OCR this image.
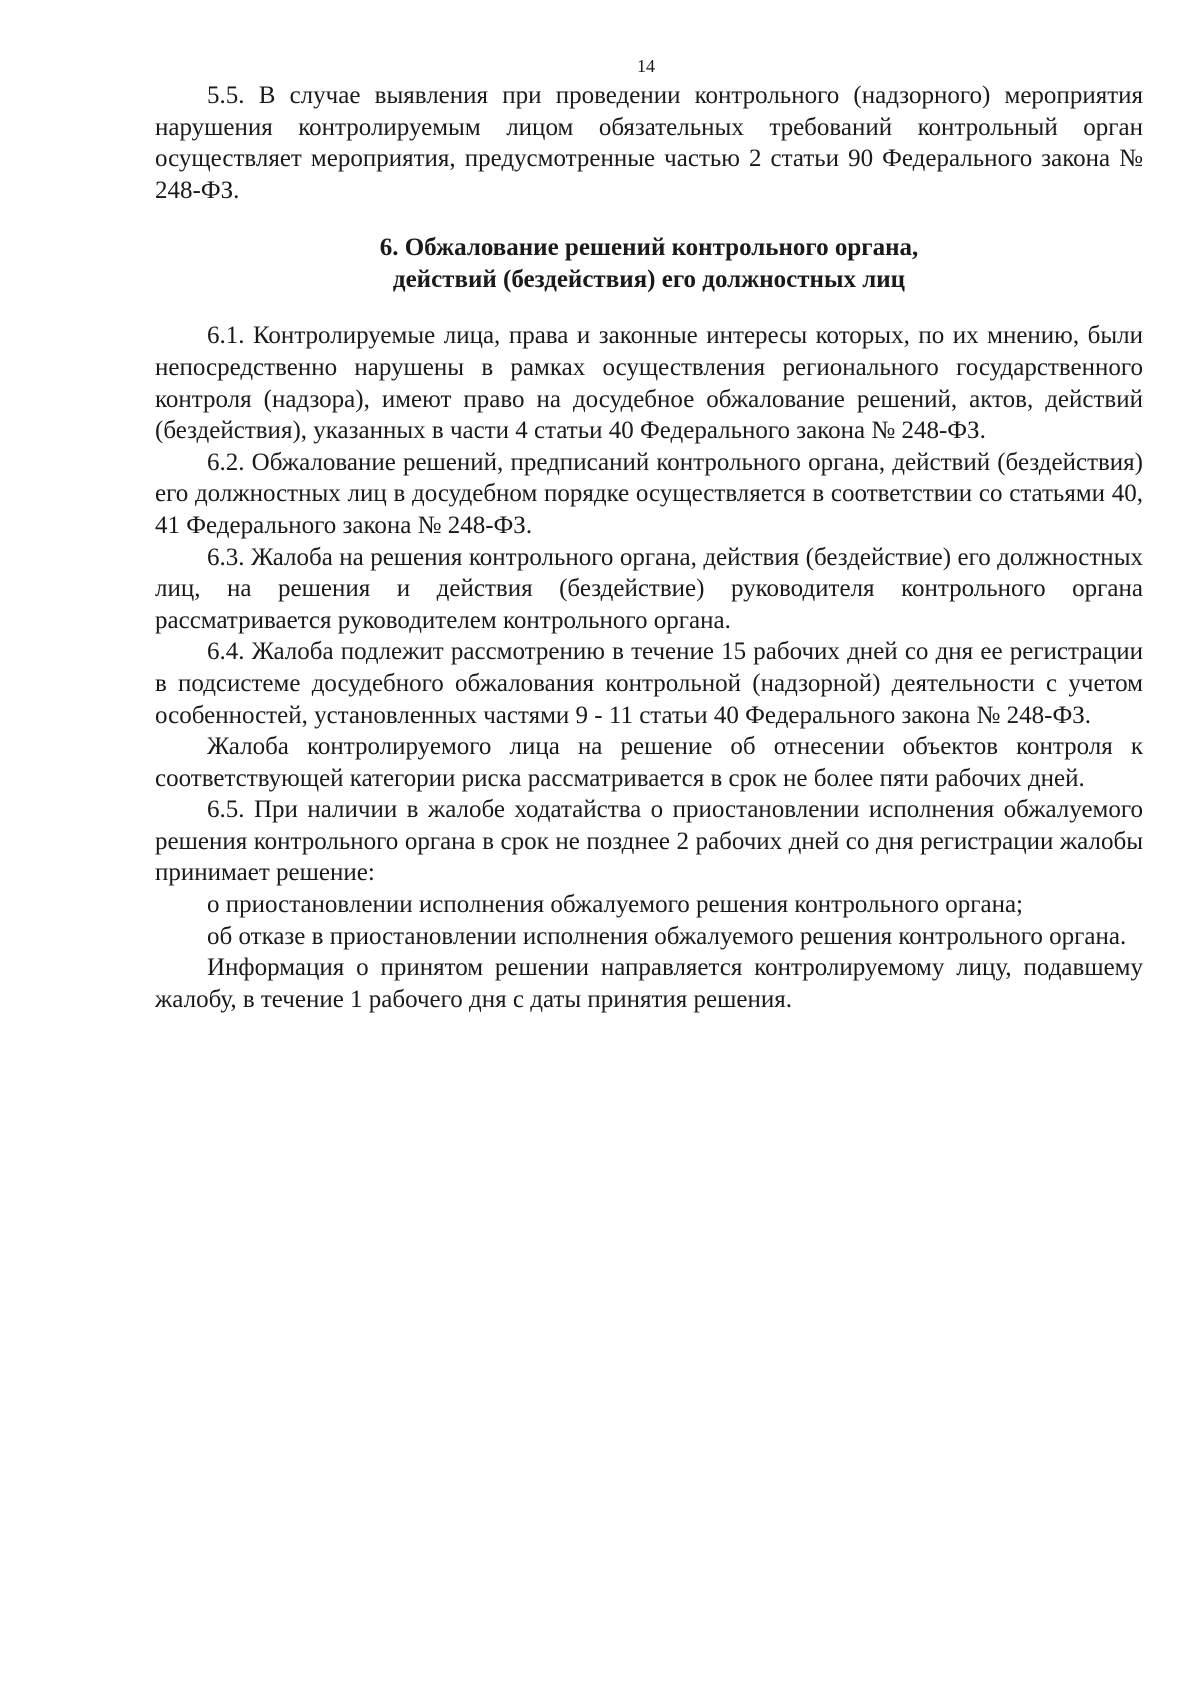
14

5.5. В случае выявления при проведении контрольного (надзорного) мероприятия нарушения контролируемым лицом обязательных требований контрольный орган осуществляет мероприятия, предусмотренные частью 2 статьи 90 Федерального закона № 248-ФЗ.

6. Обжалование решений контрольного органа,
действий (бездействия) его должностных лиц

6.1. Контролируемые лица, права и законные интересы которых, по их мнению, были непосредственно нарушены в рамках осуществления регионального государственного контроля (надзора), имеют право на досудебное обжалование решений, актов, действий (бездействия), указанных в части 4 статьи 40 Федерального закона № 248-ФЗ.

6.2. Обжалование решений, предписаний контрольного органа, действий (бездействия) его должностных лиц в досудебном порядке осуществляется в соответствии со статьями 40, 41 Федерального закона № 248-ФЗ.

6.3. Жалоба на решения контрольного органа, действия (бездействие) его должностных лиц, на решения и действия (бездействие) руководителя контрольного органа рассматривается руководителем контрольного органа.

6.4. Жалоба подлежит рассмотрению в течение 15 рабочих дней со дня ее регистрации в подсистеме досудебного обжалования контрольной (надзорной) деятельности с учетом особенностей, установленных частями 9 - 11 статьи 40 Федерального закона № 248-ФЗ.

Жалоба контролируемого лица на решение об отнесении объектов контроля к соответствующей категории риска рассматривается в срок не более пяти рабочих дней.

6.5. При наличии в жалобе ходатайства о приостановлении исполнения обжалуемого решения контрольного органа в срок не позднее 2 рабочих дней со дня регистрации жалобы принимает решение:

о приостановлении исполнения обжалуемого решения контрольного органа;

об отказе в приостановлении исполнения обжалуемого решения контрольного органа.

Информация о принятом решении направляется контролируемому лицу, подавшему жалобу, в течение 1 рабочего дня с даты принятия решения.
